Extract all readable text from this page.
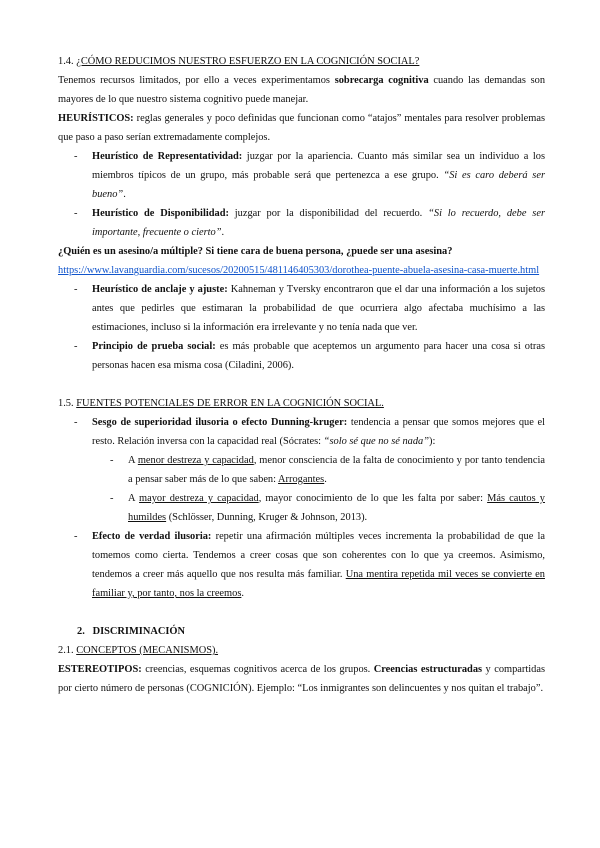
1.4. ¿CÓMO REDUCIMOS NUESTRO ESFUERZO EN LA COGNICIÓN SOCIAL?

Tenemos recursos limitados, por ello a veces experimentamos sobrecarga cognitiva cuando las demandas son mayores de lo que nuestro sistema cognitivo puede manejar.

HEURÍSTICOS: reglas generales y poco definidas que funcionan como “atajos” mentales para resolver problemas que paso a paso serían extremadamente complejos.

- Heurístico de Representatividad: juzgar por la apariencia. Cuanto más similar sea un individuo a los miembros típicos de un grupo, más probable será que pertenezca a ese grupo. “Si es caro deberá ser bueno”.
- Heurístico de Disponibilidad: juzgar por la disponibilidad del recuerdo. “Si lo recuerdo, debe ser importante, frecuente o cierto”.

¿Quién es un asesino/a múltiple? Si tiene cara de buena persona, ¿puede ser una asesina?

https://www.lavanguardia.com/sucesos/20200515/481146405303/dorothea-puente-abuela-asesina-casa-muerte.html

- Heurístico de anclaje y ajuste: Kahneman y Tversky encontraron que el dar una información a los sujetos antes que pedirles que estimaran la probabilidad de que ocurriera algo afectaba muchísimo a las estimaciones, incluso si la información era irrelevante y no tenía nada que ver.
- Principio de prueba social: es más probable que aceptemos un argumento para hacer una cosa si otras personas hacen esa misma cosa (Ciladini, 2006).

1.5. FUENTES POTENCIALES DE ERROR EN LA COGNICIÓN SOCIAL.

- Sesgo de superioridad ilusoria o efecto Dunning-kruger: tendencia a pensar que somos mejores que el resto. Relación inversa con la capacidad real (Sócrates: “solo sé que no sé nada”):
- A menor destreza y capacidad, menor consciencia de la falta de conocimiento y por tanto tendencia a pensar saber más de lo que saben: Arrogantes.
- A mayor destreza y capacidad, mayor conocimiento de lo que les falta por saber: Más cautos y humildes (Schlösser, Dunning, Kruger & Johnson, 2013).
- Efecto de verdad ilusoria: repetir una afirmación múltiples veces incrementa la probabilidad de que la tomemos como cierta. Tendemos a creer cosas que son coherentes con lo que ya creemos. Asimismo, tendemos a creer más aquello que nos resulta más familiar. Una mentira repetida mil veces se convierte en familiar y, por tanto, nos la creemos.

2. DISCRIMINACIÓN

2.1. CONCEPTOS (MECANISMOS).

ESTEREOTIPOS: creencias, esquemas cognitivos acerca de los grupos. Creencias estructuradas y compartidas por cierto número de personas (COGNICIÓN). Ejemplo: “Los inmigrantes son delincuentes y nos quitan el trabajo”.
